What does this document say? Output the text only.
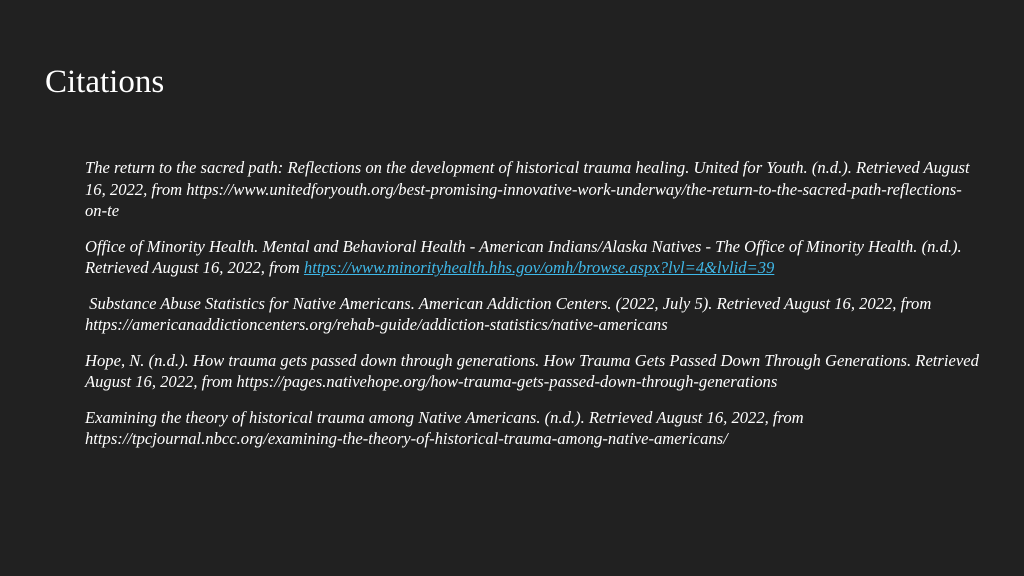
Citations

The return to the sacred path: Reflections on the development of historical trauma healing. United for Youth. (n.d.). Retrieved August 16, 2022, from https://www.unitedforyouth.org/best-promising-innovative-work-underway/the-return-to-the-sacred-path-reflections-on-te

Office of Minority Health. Mental and Behavioral Health - American Indians/Alaska Natives - The Office of Minority Health. (n.d.). Retrieved August 16, 2022, from https://www.minorityhealth.hhs.gov/omh/browse.aspx?lvl=4&lvlid=39

Substance Abuse Statistics for Native Americans. American Addiction Centers. (2022, July 5). Retrieved August 16, 2022, from https://americanaddictioncenters.org/rehab-guide/addiction-statistics/native-americans

Hope, N. (n.d.). How trauma gets passed down through generations. How Trauma Gets Passed Down Through Generations. Retrieved August 16, 2022, from https://pages.nativehope.org/how-trauma-gets-passed-down-through-generations

Examining the theory of historical trauma among Native Americans. (n.d.). Retrieved August 16, 2022, from https://tpcjournal.nbcc.org/examining-the-theory-of-historical-trauma-among-native-americans/
